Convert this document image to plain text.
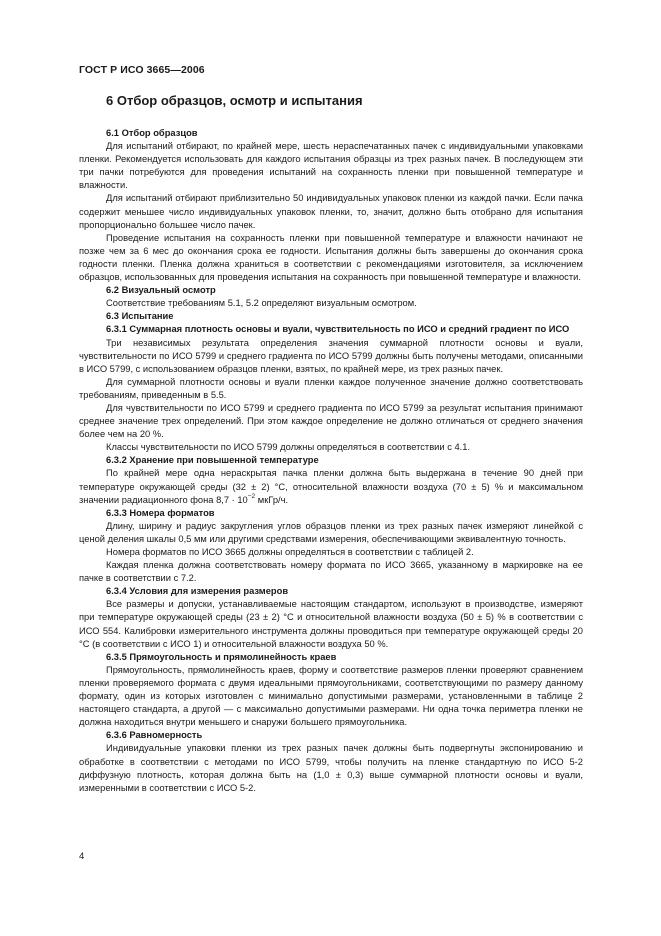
ГОСТ Р ИСО 3665—2006
6 Отбор образцов, осмотр и испытания

6.1 Отбор образцов

Для испытаний отбирают, по крайней мере, шесть нераспечатанных пачек с индивидуальными упаковками пленки. Рекомендуется использовать для каждого испытания образцы из трех разных пачек. В последующем эти три пачки потребуются для проведения испытаний на сохранность пленки при повышенной температуре и влажности.

Для испытаний отбирают приблизительно 50 индивидуальных упаковок пленки из каждой пачки. Если пачка содержит меньшее число индивидуальных упаковок пленки, то, значит, должно быть отобрано для испытания пропорционально большее число пачек.

Проведение испытания на сохранность пленки при повышенной температуре и влажности начинают не позже чем за 6 мес до окончания срока ее годности. Испытания должны быть завершены до окончания срока годности пленки. Пленка должна храниться в соответствии с рекомендациями изготовителя, за исключением образцов, использованных для проведения испытания на сохранность при повышенной температуре и влажности.

6.2 Визуальный осмотр

Соответствие требованиям 5.1, 5.2 определяют визуальным осмотром.

6.3 Испытание

6.3.1 Суммарная плотность основы и вуали, чувствительность по ИСО и средний градиент по ИСО

Три независимых результата определения значения суммарной плотности основы и вуали, чувствительности по ИСО 5799 и среднего градиента по ИСО 5799 должны быть получены методами, описанными в ИСО 5799, с использованием образцов пленки, взятых, по крайней мере, из трех разных пачек.

Для суммарной плотности основы и вуали пленки каждое полученное значение должно соответствовать требованиям, приведенным в 5.5.

Для чувствительности по ИСО 5799 и среднего градиента по ИСО 5799 за результат испытания принимают среднее значение трех определений. При этом каждое определение не должно отличаться от среднего значения более чем на 20 %.

Классы чувствительности по ИСО 5799 должны определяться в соответствии с 4.1.

6.3.2 Хранение при повышенной температуре

По крайней мере одна нераскрытая пачка пленки должна быть выдержана в течение 90 дней при температуре окружающей среды (32 ± 2) °С, относительной влажности воздуха (70 ± 5) % и максимальном значении радиационного фона $8,7 \cdot 10^{-2}$ мкГр/ч.

6.3.3 Номера форматов

Длину, ширину и радиус закругления углов образцов пленки из трех разных пачек измеряют линейкой с ценой деления шкалы 0,5 мм или другими средствами измерения, обеспечивающими эквивалентную точность.

Номера форматов по ИСО 3665 должны определяться в соответствии с таблицей 2.

Каждая пленка должна соответствовать номеру формата по ИСО 3665, указанному в маркировке на ее пачке в соответствии с 7.2.

6.3.4 Условия для измерения размеров

Все размеры и допуски, устанавливаемые настоящим стандартом, используют в производстве, измеряют при температуре окружающей среды (23 ± 2) °С и относительной влажности воздуха (50 ± 5) % в соответствии с ИСО 554. Калибровки измерительного инструмента должны проводиться при температуре окружающей среды 20 °С (в соответствии с ИСО 1) и относительной влажности воздуха 50 %.

6.3.5 Прямоугольность и прямолинейность краев

Прямоугольность, прямолинейность краев, форму и соответствие размеров пленки проверяют сравнением пленки проверяемого формата с двумя идеальными прямоугольниками, соответствующими по размеру данному формату, один из которых изготовлен с минимально допустимыми размерами, установленными в таблице 2 настоящего стандарта, а другой — с максимально допустимыми размерами. Ни одна точка периметра пленки не должна находиться внутри меньшего и снаружи большего прямоугольника.

6.3.6 Равномерность

Индивидуальные упаковки пленки из трех разных пачек должны быть подвергнуты экспонированию и обработке в соответствии с методами по ИСО 5799, чтобы получить на пленке стандартную по ИСО 5-2 диффузную плотность, которая должна быть на (1,0 ± 0,3) выше суммарной плотности основы и вуали, измеренными в соответствии с ИСО 5-2.

4
